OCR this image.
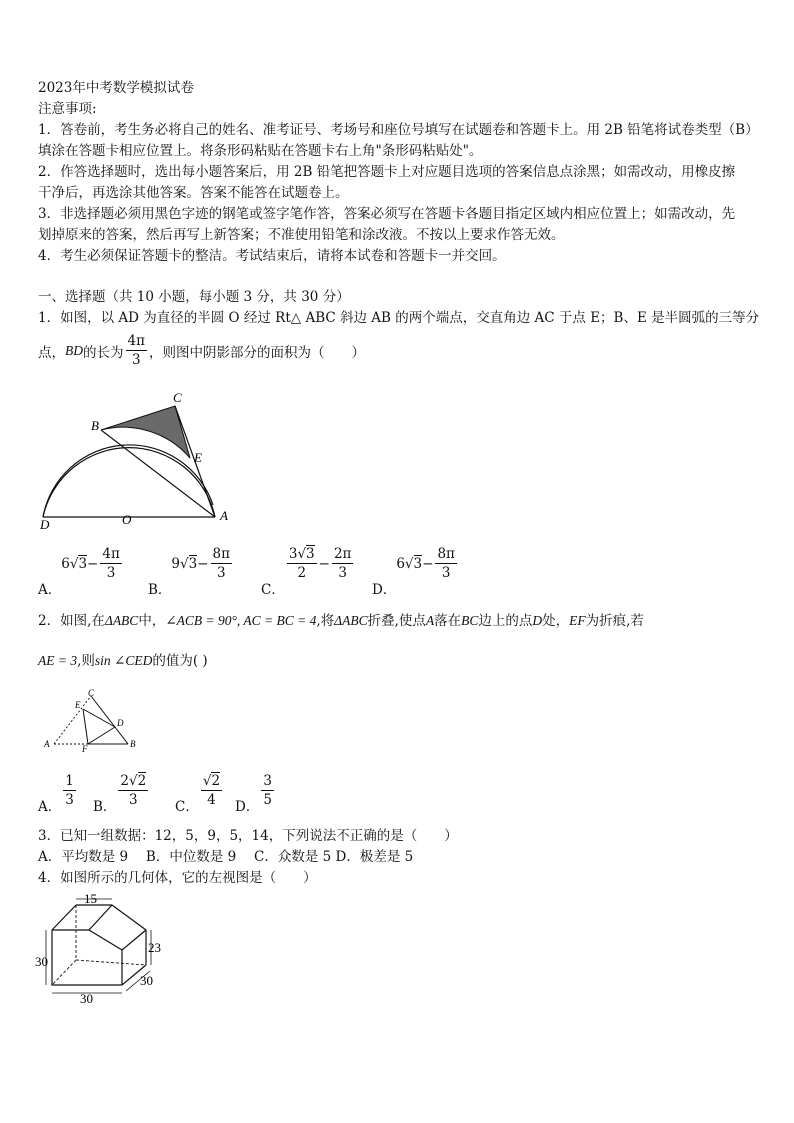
2023年中考数学模拟试卷
注意事项:
1．答卷前，考生务必将自己的姓名、准考证号、考场号和座位号填写在试题卷和答题卡上。用 2B 铅笔将试卷类型（B）
填涂在答题卡相应位置上。将条形码粘贴在答题卡右上角"条形码粘贴处"。
2．作答选择题时，选出每小题答案后，用 2B 铅笔把答题卡上对应题目选项的答案信息点涂黑；如需改动，用橡皮擦
干净后，再选涂其他答案。答案不能答在试题卷上。
3．非选择题必须用黑色字迹的钢笔或签字笔作答，答案必须写在答题卡各题目指定区域内相应位置上；如需改动，先
划掉原来的答案，然后再写上新答案；不准使用铅笔和涂改液。不按以上要求作答无效。
4．考生必须保证答题卡的整洁。考试结束后，请将本试卷和答题卡一并交回。
一、选择题（共 10 小题，每小题 3 分，共 30 分）
1．如图，以 AD 为直径的半圆 O 经过 Rt△ ABC 斜边 AB 的两个端点，交直角边 AC 于点 E；B、E 是半圆弧的三等分
点， BD 的长为 $\frac{4\pi}{3}$ ，则图中阴影部分的面积为（　　）
B
C
E
D	O	A
A．
6 √ $3 - \frac{4\pi}{3}$
B．
9 √ $3 - \frac{8\pi}{3}$
C．
$\frac{3√3}{2} - \frac{2\pi}{3}$
D．
6 √ $3 - \frac{8\pi}{3}$
2．如图,在ΔABC中，∠ACB = 90°, AC = BC = 4,将ΔABC折叠,使点A落在BC边上的点D处，EF为折痕,若
AE = 3,则sin ∠CED的值为( )
C
E
D
A	F	B
A． $\frac{1}{3}$ B． $\frac{2√2}{3}$ C． $\frac{√2}{4}$ D． $\frac{3}{5}$
3．已知一组数据：12，5，9，5，14，下列说法不正确的是（　　）
A．平均数是 9　 B．中位数是 9　 C．众数是 5 D．极差是 5
4．如图所示的几何体，它的左视图是（　　）
15
23
30
30
30
